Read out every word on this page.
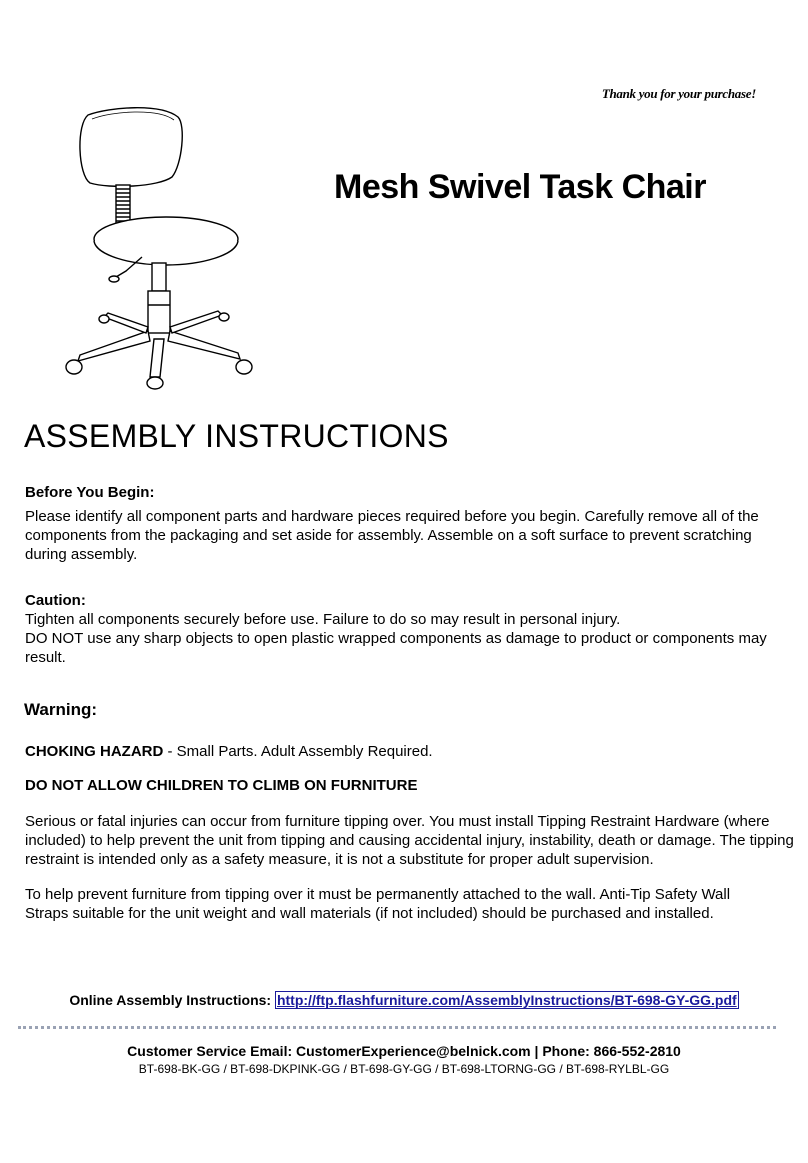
Thank you for your purchase!
Mesh Swivel Task Chair
ASSEMBLY INSTRUCTIONS
Before You Begin:

Please identify all component parts and hardware pieces required before you begin. Carefully remove all of the components from the packaging and set aside for assembly. Assemble on a soft surface to prevent scratching during assembly.

Caution:

Tighten all components securely before use. Failure to do so may result in personal injury.

DO NOT use any sharp objects to open plastic wrapped components as damage to product or components may result.

Warning:

CHOKING HAZARD - Small Parts. Adult Assembly Required.

DO NOT ALLOW CHILDREN TO CLIMB ON FURNITURE

Serious or fatal injuries can occur from furniture tipping over. You must install Tipping Restraint Hardware (where included) to help prevent the unit from tipping and causing accidental injury, instability, death or damage. The tipping restraint is intended only as a safety measure, it is not a substitute for proper adult supervision.

To help prevent furniture from tipping over it must be permanently attached to the wall. Anti-Tip Safety Wall Straps suitable for the unit weight and wall materials (if not included) should be purchased and installed.

Online Assembly Instructions: http://ftp.flashfurniture.com/AssemblyInstructions/BT-698-GY-GG.pdf
Customer Service Email: CustomerExperience@belnick.com | Phone: 866-552-2810
BT-698-BK-GG / BT-698-DKPINK-GG / BT-698-GY-GG / BT-698-LTORNG-GG / BT-698-RYLBL-GG
